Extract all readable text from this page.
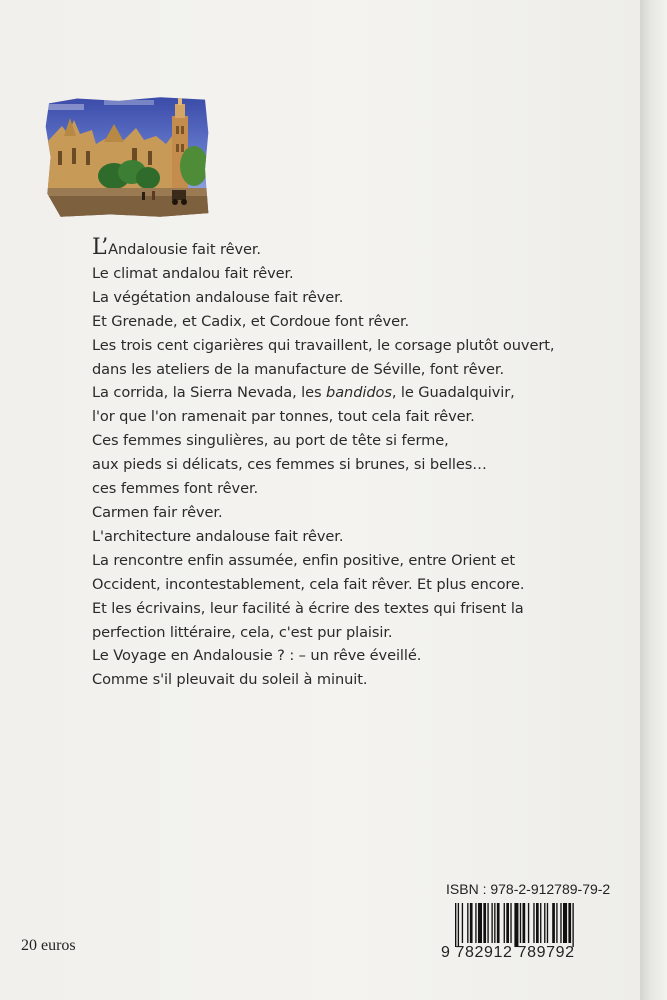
L’Andalousie fait rêver.
Le climat andalou fait rêver.
La végétation andalouse fait rêver.
Et Grenade, et Cadix, et Cordoue font rêver.
Les trois cent cigarières qui travaillent, le corsage plutôt ouvert,
dans les ateliers de la manufacture de Séville, font rêver.
La corrida, la Sierra Nevada, les bandidos, le Guadalquivir,
l'or que l'on ramenait par tonnes, tout cela fait rêver.
Ces femmes singulières, au port de tête si ferme,
aux pieds si délicats, ces femmes si brunes, si belles…
ces femmes font rêver.
Carmen fair rêver.
L'architecture andalouse fait rêver.
La rencontre enfin assumée, enfin positive, entre Orient et
Occident, incontestablement, cela fait rêver. Et plus encore.
Et les écrivains, leur facilité à écrire des textes qui frisent la
perfection littéraire, cela, c'est pur plaisir.
Le Voyage en Andalousie ? : – un rêve éveillé.
Comme s'il pleuvait du soleil à minuit.
ISBN : 978-2-912789-79-2
9 782912 789792
20 euros
